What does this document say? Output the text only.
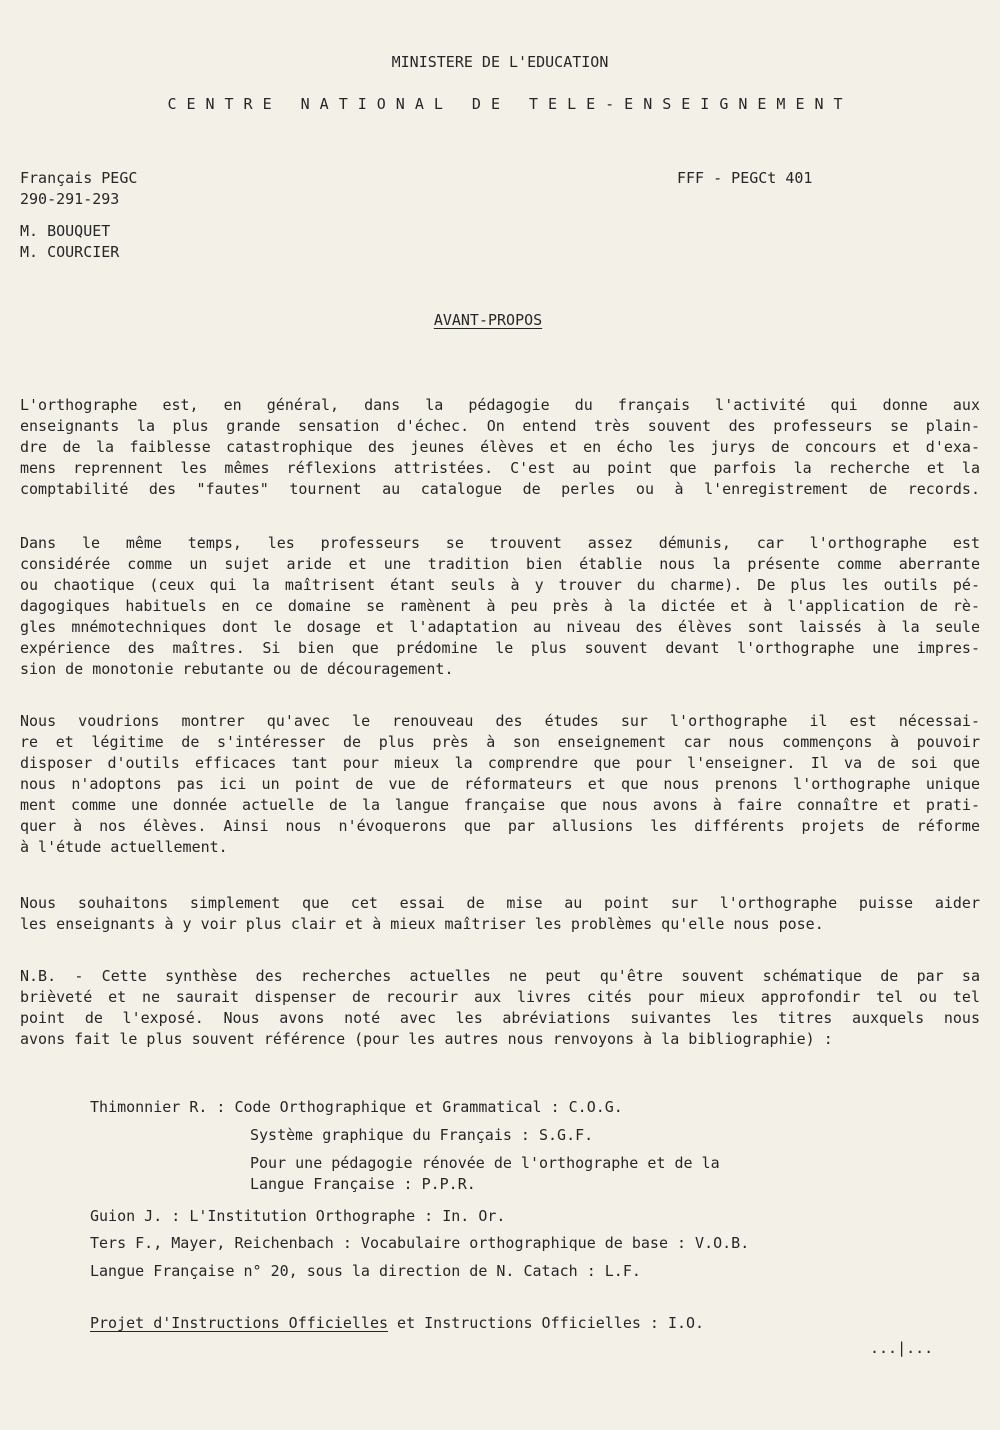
MINISTERE DE L'EDUCATION
CENTRE NATIONAL DE TELE-ENSEIGNEMENT
Français PEGC
290-291-293
FFF - PEGCt 401
M. BOUQUET
M. COURCIER
AVANT-PROPOS
L'orthographe est, en général, dans la pédagogie du français l'activité qui donne aux
enseignants la plus grande sensation d'échec. On entend très souvent des professeurs se plain-
dre de la faiblesse catastrophique des jeunes élèves et en écho les jurys de concours et d'exa-
mens reprennent les mêmes réflexions attristées. C'est au point que parfois la recherche et la
comptabilité des "fautes" tournent au catalogue de perles ou à l'enregistrement de records.
Dans le même temps, les professeurs se trouvent assez démunis, car l'orthographe est
considérée comme un sujet aride et une tradition bien établie nous la présente comme aberrante
ou chaotique (ceux qui la maîtrisent étant seuls à y trouver du charme). De plus les outils pé-
dagogiques habituels en ce domaine se ramènent à peu près à la dictée et à l'application de rè-
gles mnémotechniques dont le dosage et l'adaptation au niveau des élèves sont laissés à la seule
expérience des maîtres. Si bien que prédomine le plus souvent devant l'orthographe une impres-
sion de monotonie rebutante ou de découragement.
Nous voudrions montrer qu'avec le renouveau des études sur l'orthographe il est nécessai-
re et légitime de s'intéresser de plus près à son enseignement car nous commençons à pouvoir
disposer d'outils efficaces tant pour mieux la comprendre que pour l'enseigner. Il va de soi que
nous n'adoptons pas ici un point de vue de réformateurs et que nous prenons l'orthographe unique
ment comme une donnée actuelle de la langue française que nous avons à faire connaître et prati-
quer à nos élèves. Ainsi nous n'évoquerons que par allusions les différents projets de réforme
à l'étude actuellement.
Nous souhaitons simplement que cet essai de mise au point sur l'orthographe puisse aider
les enseignants à y voir plus clair et à mieux maîtriser les problèmes qu'elle nous pose.
N.B. - Cette synthèse des recherches actuelles ne peut qu'être souvent schématique de par sa
brièveté et ne saurait dispenser de recourir aux livres cités pour mieux approfondir tel ou tel
point de l'exposé. Nous avons noté avec les abréviations suivantes les titres auxquels nous
avons fait le plus souvent référence (pour les autres nous renvoyons à la bibliographie) :
Thimonnier R. : Code Orthographique et Grammatical : C.O.G.
Système graphique du Français : S.G.F.
Pour une pédagogie rénovée de l'orthographe et de la
Langue Française : P.P.R.
Guion J. : L'Institution Orthographe : In. Or.
Ters F., Mayer, Reichenbach : Vocabulaire orthographique de base : V.O.B.
Langue Française n° 20, sous la direction de N. Catach : L.F.
Projet d'Instructions Officielles et Instructions Officielles : I.O.
...|...
